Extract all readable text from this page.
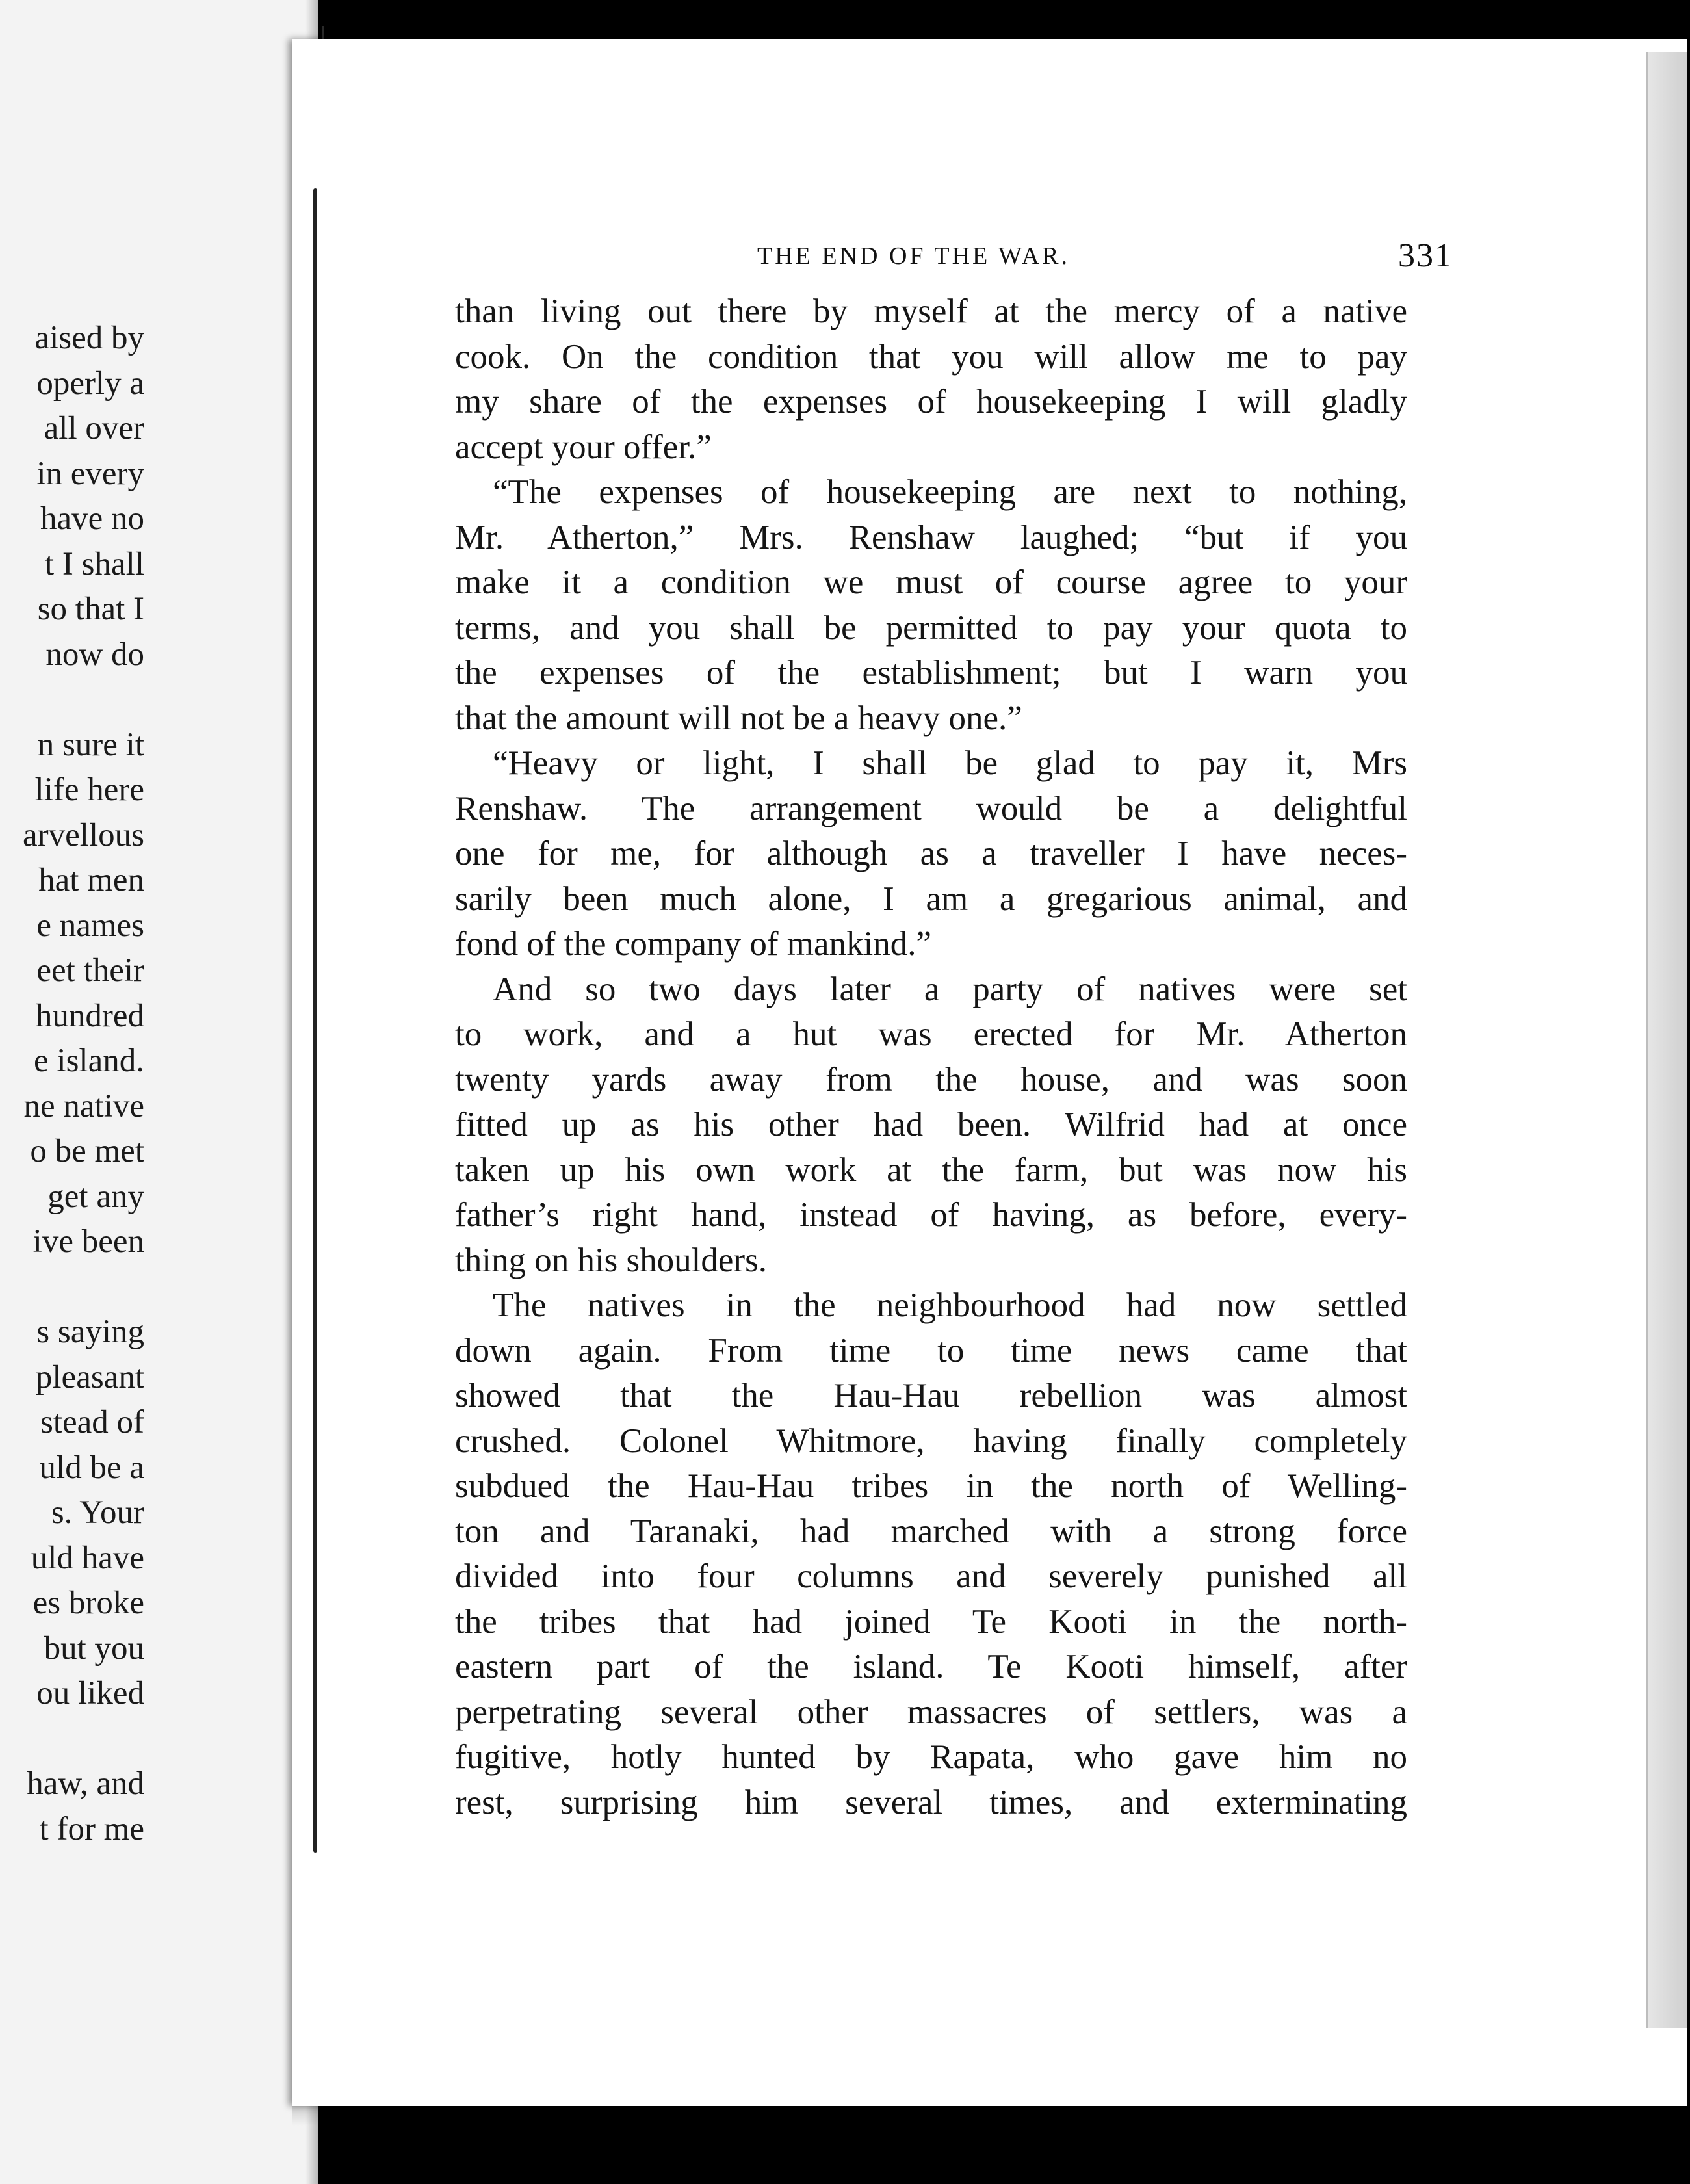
aised by
operly a
all over
in every
have no
t I shall
so that I
now do
n sure it
life here
arvellous
hat men
e names
eet their
hundred
e island.
ne native
o be met
get any
ive been
s saying
pleasant
stead of
uld be a
s. Your
uld have
es broke
but you
ou liked
haw, and
t for me
THE END OF THE WAR.	331
than living out there by myself at the mercy of a native
cook. On the condition that you will allow me to pay
my share of the expenses of housekeeping I will gladly
accept your offer.”
“The expenses of housekeeping are next to nothing,
Mr. Atherton,” Mrs. Renshaw laughed; “but if you
make it a condition we must of course agree to your
terms, and you shall be permitted to pay your quota to
the expenses of the establishment; but I warn you
that the amount will not be a heavy one.”
“Heavy or light, I shall be glad to pay it, Mrs
Renshaw. The arrangement would be a delightful
one for me, for although as a traveller I have neces-
sarily been much alone, I am a gregarious animal, and
fond of the company of mankind.”
And so two days later a party of natives were set
to work, and a hut was erected for Mr. Atherton
twenty yards away from the house, and was soon
fitted up as his other had been. Wilfrid had at once
taken up his own work at the farm, but was now his
father’s right hand, instead of having, as before, every-
thing on his shoulders.
The natives in the neighbourhood had now settled
down again. From time to time news came that
showed that the Hau-Hau rebellion was almost
crushed. Colonel Whitmore, having finally completely
subdued the Hau-Hau tribes in the north of Welling-
ton and Taranaki, had marched with a strong force
divided into four columns and severely punished all
the tribes that had joined Te Kooti in the north-
eastern part of the island. Te Kooti himself, after
perpetrating several other massacres of settlers, was a
fugitive, hotly hunted by Rapata, who gave him no
rest, surprising him several times, and exterminating
